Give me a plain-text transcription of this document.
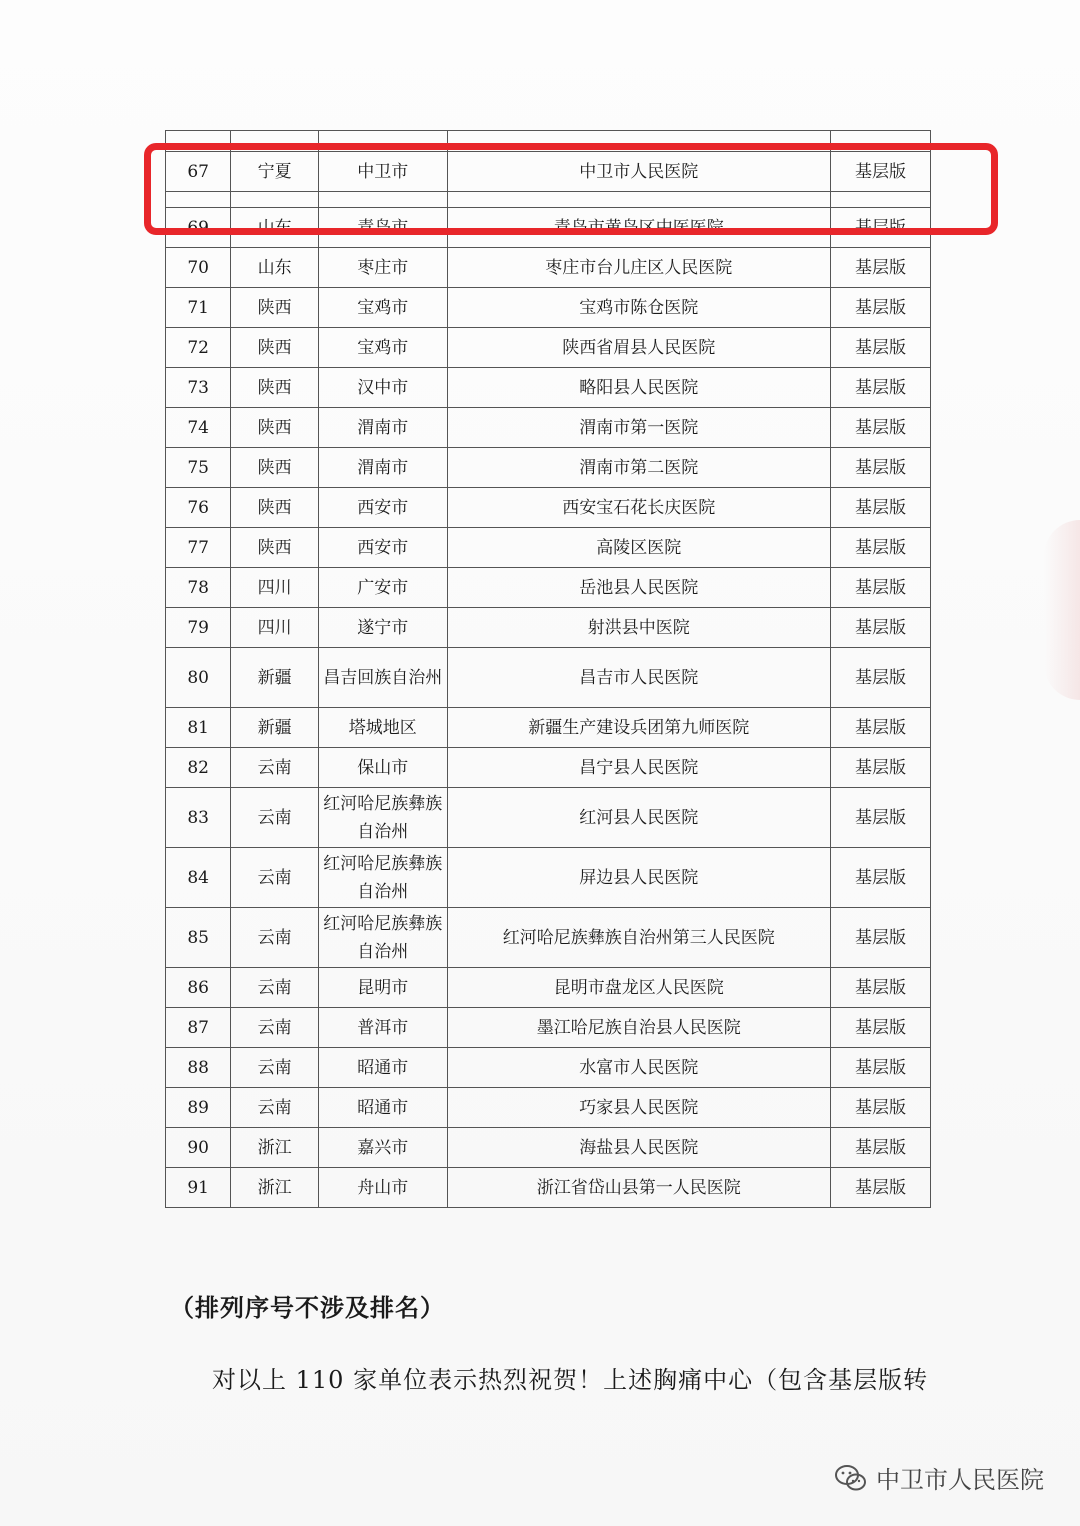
67	宁夏	中卫市	中卫市人民医院	基层版

69	山东	青岛市	青岛市黄岛区中医医院	基层版
70	山东	枣庄市	枣庄市台儿庄区人民医院	基层版
71	陕西	宝鸡市	宝鸡市陈仓医院	基层版
72	陕西	宝鸡市	陕西省眉县人民医院	基层版
73	陕西	汉中市	略阳县人民医院	基层版
74	陕西	渭南市	渭南市第一医院	基层版
75	陕西	渭南市	渭南市第二医院	基层版
76	陕西	西安市	西安宝石花长庆医院	基层版
77	陕西	西安市	高陵区医院	基层版
78	四川	广安市	岳池县人民医院	基层版
79	四川	遂宁市	射洪县中医院	基层版
80	新疆	昌吉回族自治州	昌吉市人民医院	基层版
81	新疆	塔城地区	新疆生产建设兵团第九师医院	基层版
82	云南	保山市	昌宁县人民医院	基层版
83	云南	红河哈尼族彝族自治州	红河县人民医院	基层版
84	云南	红河哈尼族彝族自治州	屏边县人民医院	基层版
85	云南	红河哈尼族彝族自治州	红河哈尼族彝族自治州第三人民医院	基层版
86	云南	昆明市	昆明市盘龙区人民医院	基层版
87	云南	普洱市	墨江哈尼族自治县人民医院	基层版
88	云南	昭通市	水富市人民医院	基层版
89	云南	昭通市	巧家县人民医院	基层版
90	浙江	嘉兴市	海盐县人民医院	基层版
91	浙江	舟山市	浙江省岱山县第一人民医院	基层版
（排列序号不涉及排名）
对以上 110 家单位表示热烈祝贺！上述胸痛中心（包含基层版转
中卫市人民医院
